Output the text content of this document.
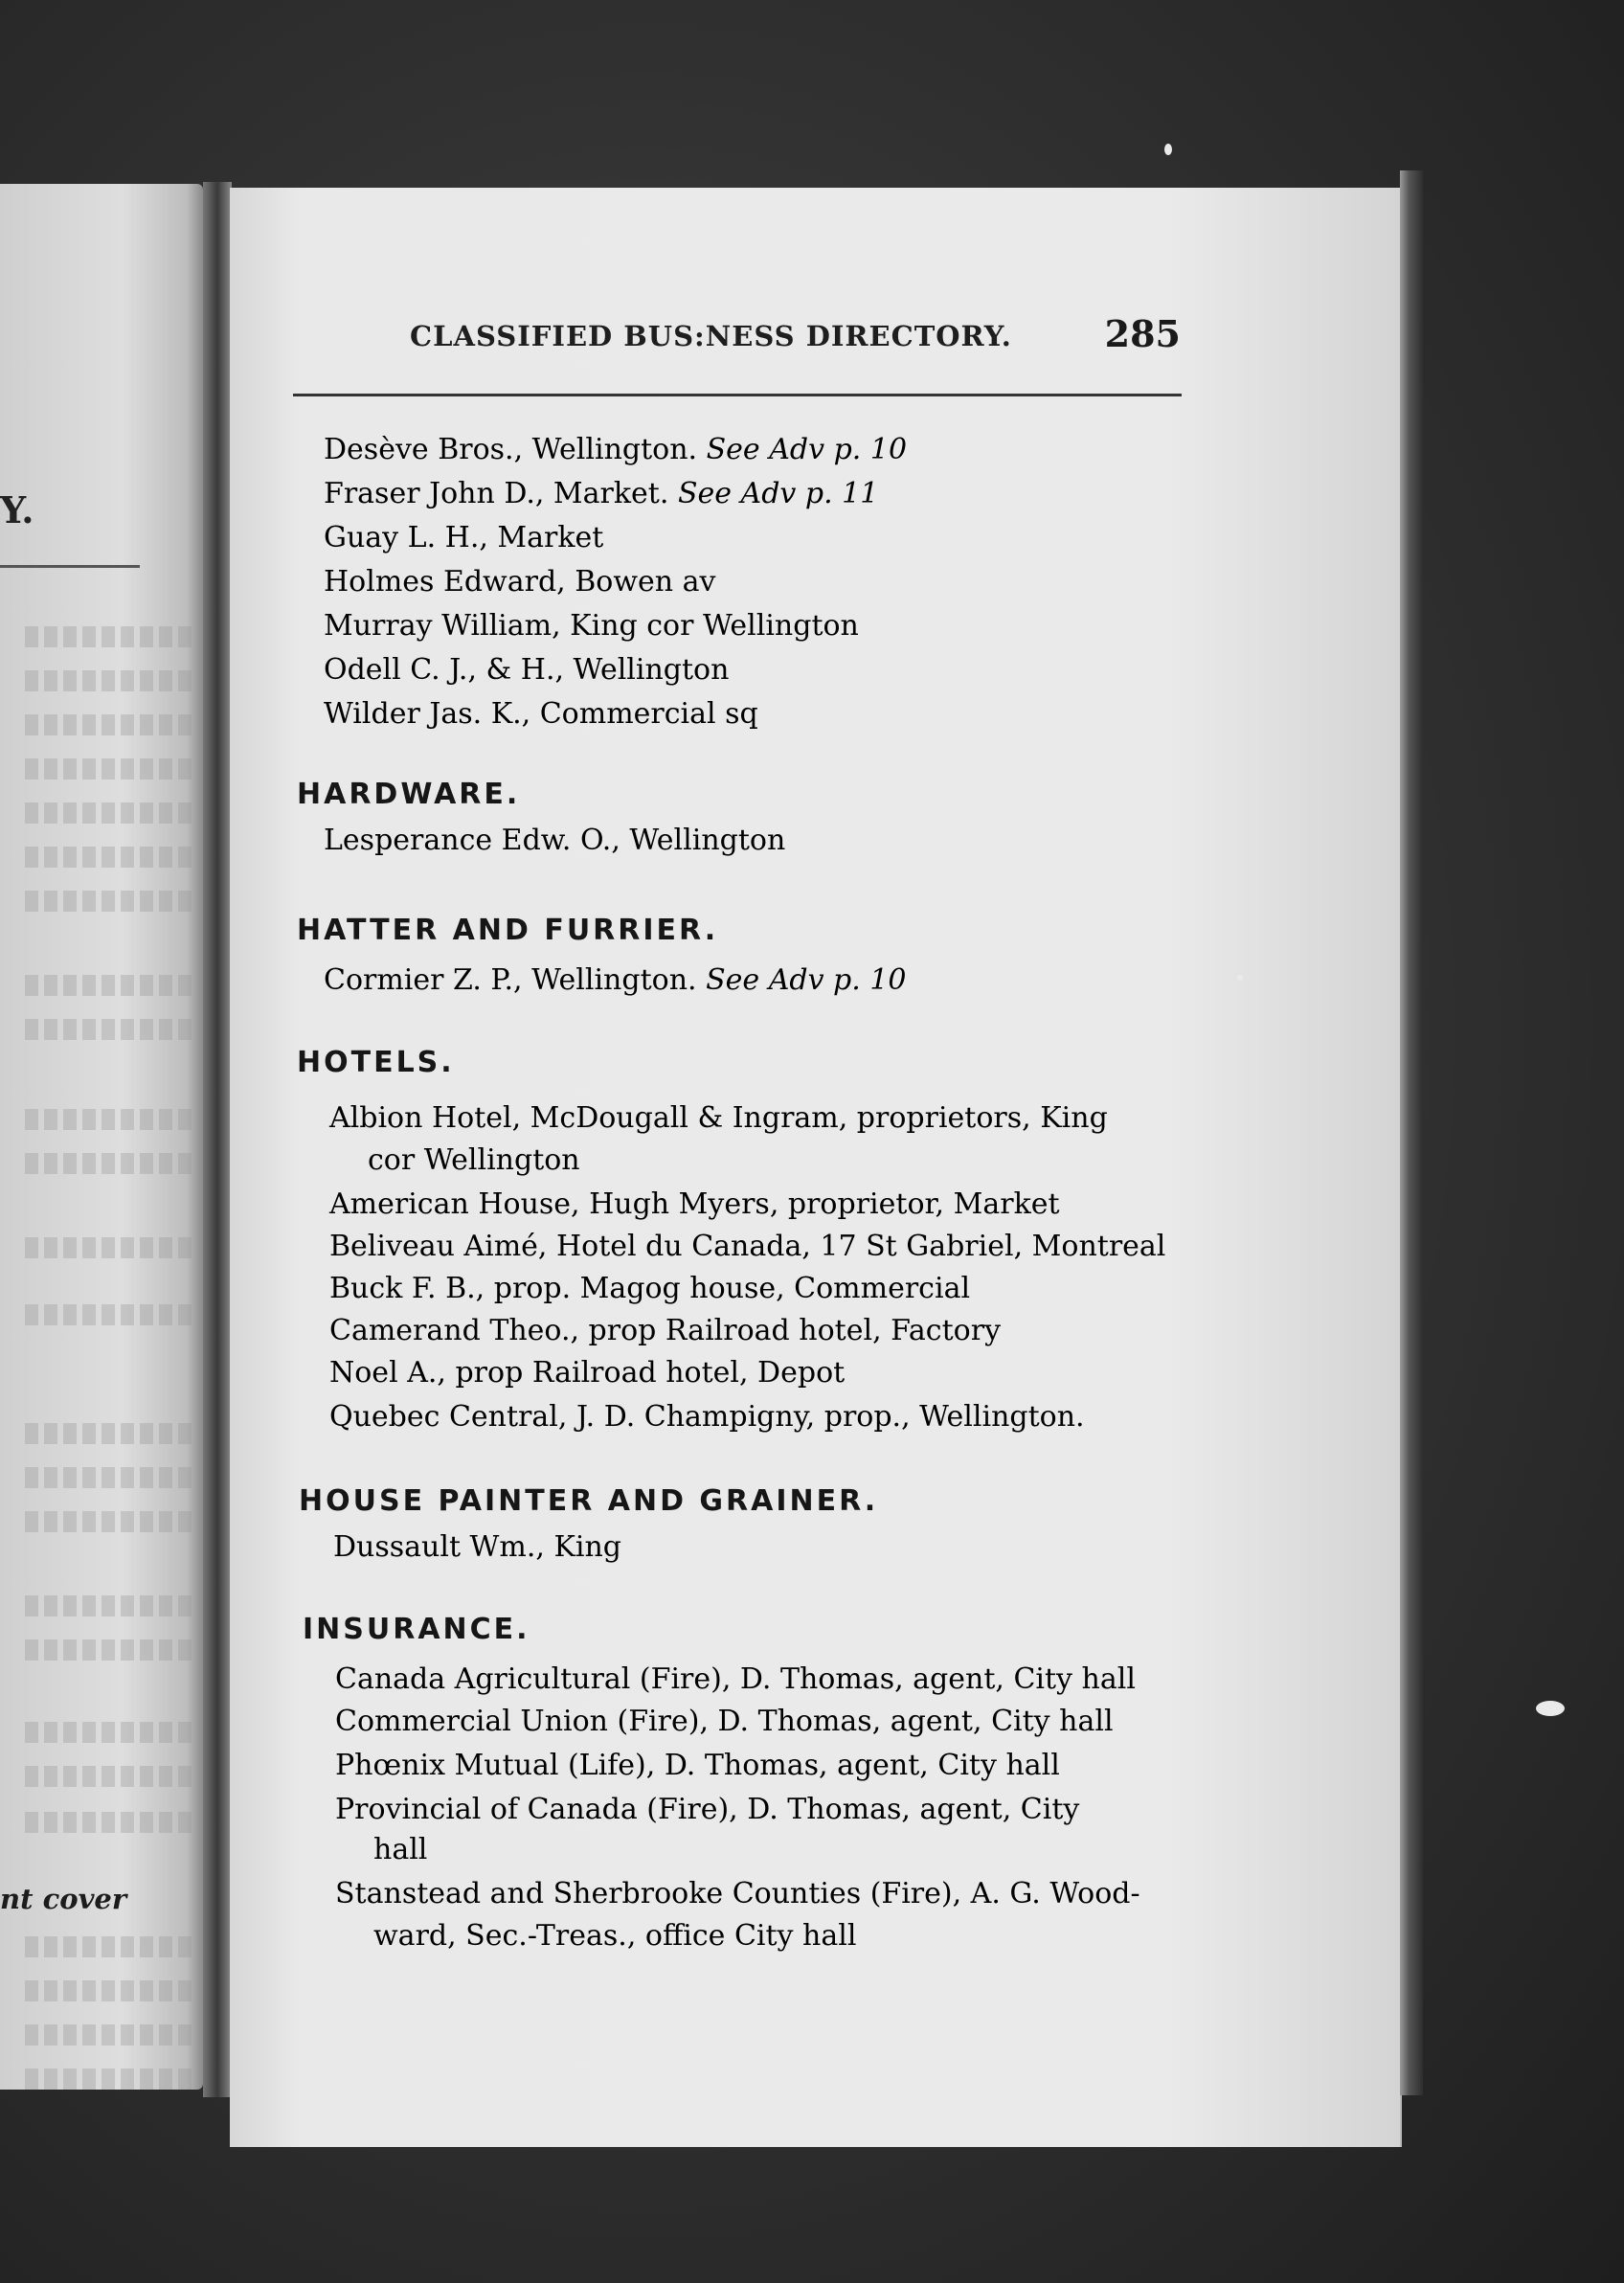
Y.
nt cover
CLASSIFIED BUS:NESS DIRECTORY.	285
Desève Bros., Wellington. See Adv p. 10
Fraser John D., Market. See Adv p. 11
Guay L. H., Market
Holmes Edward, Bowen av
Murray William, King cor Wellington
Odell C. J., & H., Wellington
Wilder Jas. K., Commercial sq
HARDWARE.
Lesperance Edw. O., Wellington
HATTER AND FURRIER.
Cormier Z. P., Wellington. See Adv p. 10
HOTELS.
Albion Hotel, McDougall & Ingram, proprietors, King
cor Wellington
American House, Hugh Myers, proprietor, Market
Beliveau Aimé, Hotel du Canada, 17 St Gabriel, Montreal
Buck F. B., prop. Magog house, Commercial
Camerand Theo., prop Railroad hotel, Factory
Noel A., prop Railroad hotel, Depot
Quebec Central, J. D. Champigny, prop., Wellington.
HOUSE PAINTER AND GRAINER.
Dussault Wm., King
INSURANCE.
Canada Agricultural (Fire), D. Thomas, agent, City hall
Commercial Union (Fire), D. Thomas, agent, City hall
Phœnix Mutual (Life), D. Thomas, agent, City hall
Provincial of Canada (Fire), D. Thomas, agent, City
hall
Stanstead and Sherbrooke Counties (Fire), A. G. Wood-
ward, Sec.-Treas., office City hall
